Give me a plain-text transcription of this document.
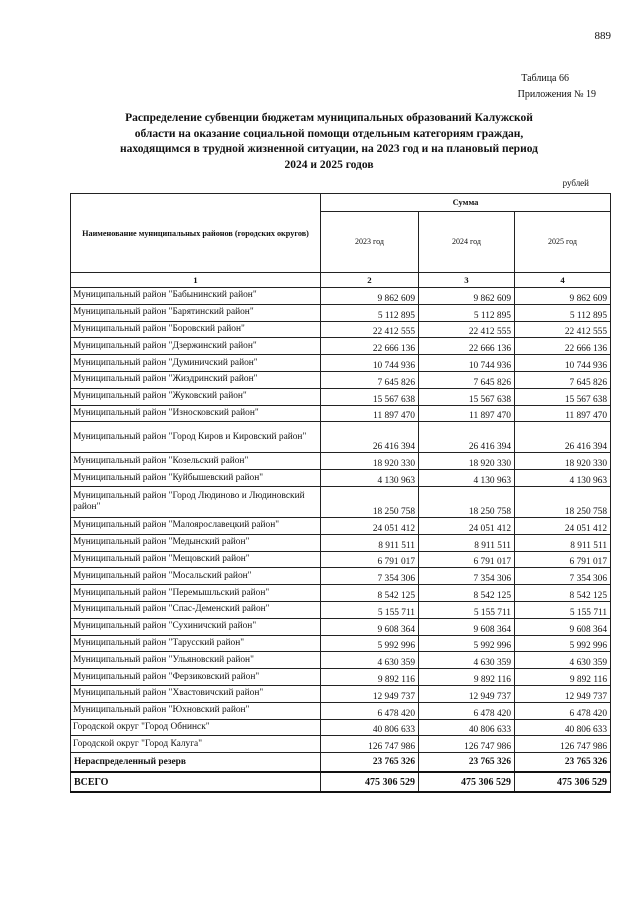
889
Таблица 66
Приложения № 19
Распределение субвенции бюджетам муниципальных образований Калужской области на оказание социальной помощи отдельным категориям граждан, находящимся в трудной жизненной ситуации, на 2023 год и на плановый период 2024 и 2025 годов
рублей
Наименование муниципальных районов (городских округов)	Сумма		
	2023 год	2024 год	2025 год
1	2	3	4
Муниципальный район "Бабынинский район"	9 862 609	9 862 609	9 862 609
Муниципальный район "Барятинский район"	5 112 895	5 112 895	5 112 895
Муниципальный район "Боровский район"	22 412 555	22 412 555	22 412 555
Муниципальный район "Дзержинский район"	22 666 136	22 666 136	22 666 136
Муниципальный район "Думиничский район"	10 744 936	10 744 936	10 744 936
Муниципальный район "Жиздринский район"	7 645 826	7 645 826	7 645 826
Муниципальный район "Жуковский район"	15 567 638	15 567 638	15 567 638
Муниципальный район "Износковский район"	11 897 470	11 897 470	11 897 470
Муниципальный район "Город Киров и Кировский район"	26 416 394	26 416 394	26 416 394
Муниципальный район "Козельский район"	18 920 330	18 920 330	18 920 330
Муниципальный район "Куйбышевский район"	4 130 963	4 130 963	4 130 963
Муниципальный район "Город Людиново и Людиновский район"	18 250 758	18 250 758	18 250 758
Муниципальный район "Малоярославецкий район"	24 051 412	24 051 412	24 051 412
Муниципальный район "Медынский район"	8 911 511	8 911 511	8 911 511
Муниципальный район "Мещовский район"	6 791 017	6 791 017	6 791 017
Муниципальный район "Мосальский район"	7 354 306	7 354 306	7 354 306
Муниципальный район "Перемышльский район"	8 542 125	8 542 125	8 542 125
Муниципальный район "Спас-Деменский район"	5 155 711	5 155 711	5 155 711
Муниципальный район "Сухиничский район"	9 608 364	9 608 364	9 608 364
Муниципальный район "Тарусский район"	5 992 996	5 992 996	5 992 996
Муниципальный район "Ульяновский район"	4 630 359	4 630 359	4 630 359
Муниципальный район "Ферзиковский район"	9 892 116	9 892 116	9 892 116
Муниципальный район "Хвастовичский район"	12 949 737	12 949 737	12 949 737
Муниципальный район "Юхновский район"	6 478 420	6 478 420	6 478 420
Городской округ "Город Обнинск"	40 806 633	40 806 633	40 806 633
Городской округ "Город Калуга"	126 747 986	126 747 986	126 747 986
Нераспределенный резерв	23 765 326	23 765 326	23 765 326
ВСЕГО	475 306 529	475 306 529	475 306 529
